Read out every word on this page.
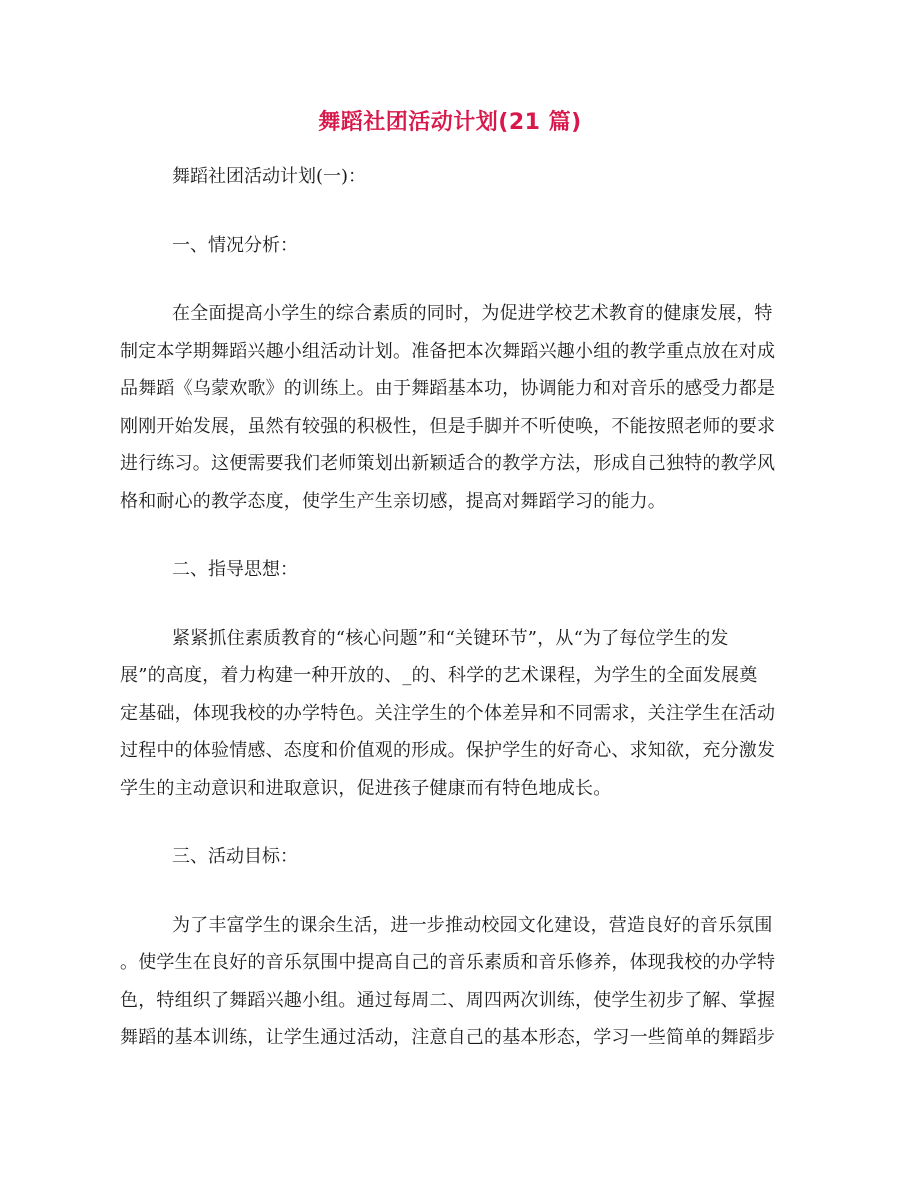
舞蹈社团活动计划(21 篇)
舞蹈社团活动计划(一)：
一、情况分析：
在全面提高小学生的综合素质的同时，为促进学校艺术教育的健康发展，特
制定本学期舞蹈兴趣小组活动计划。准备把本次舞蹈兴趣小组的教学重点放在对成
品舞蹈《乌蒙欢歌》的训练上。由于舞蹈基本功，协调能力和对音乐的感受力都是
刚刚开始发展，虽然有较强的积极性，但是手脚并不听使唤，不能按照老师的要求
进行练习。这便需要我们老师策划出新颖适合的教学方法，形成自己独特的教学风
格和耐心的教学态度，使学生产生亲切感，提高对舞蹈学习的能力。
二、指导思想：
紧紧抓住素质教育的“核心问题”和“关键环节”，从“为了每位学生的发
展”的高度，着力构建一种开放的、_的、科学的艺术课程，为学生的全面发展奠
定基础，体现我校的办学特色。关注学生的个体差异和不同需求，关注学生在活动
过程中的体验情感、态度和价值观的形成。保护学生的好奇心、求知欲，充分激发
学生的主动意识和进取意识，促进孩子健康而有特色地成长。
三、活动目标：
为了丰富学生的课余生活，进一步推动校园文化建设，营造良好的音乐氛围
。使学生在良好的音乐氛围中提高自己的音乐素质和音乐修养，体现我校的办学特
色，特组织了舞蹈兴趣小组。通过每周二、周四两次训练，使学生初步了解、掌握
舞蹈的基本训练，让学生通过活动，注意自己的基本形态，学习一些简单的舞蹈步
